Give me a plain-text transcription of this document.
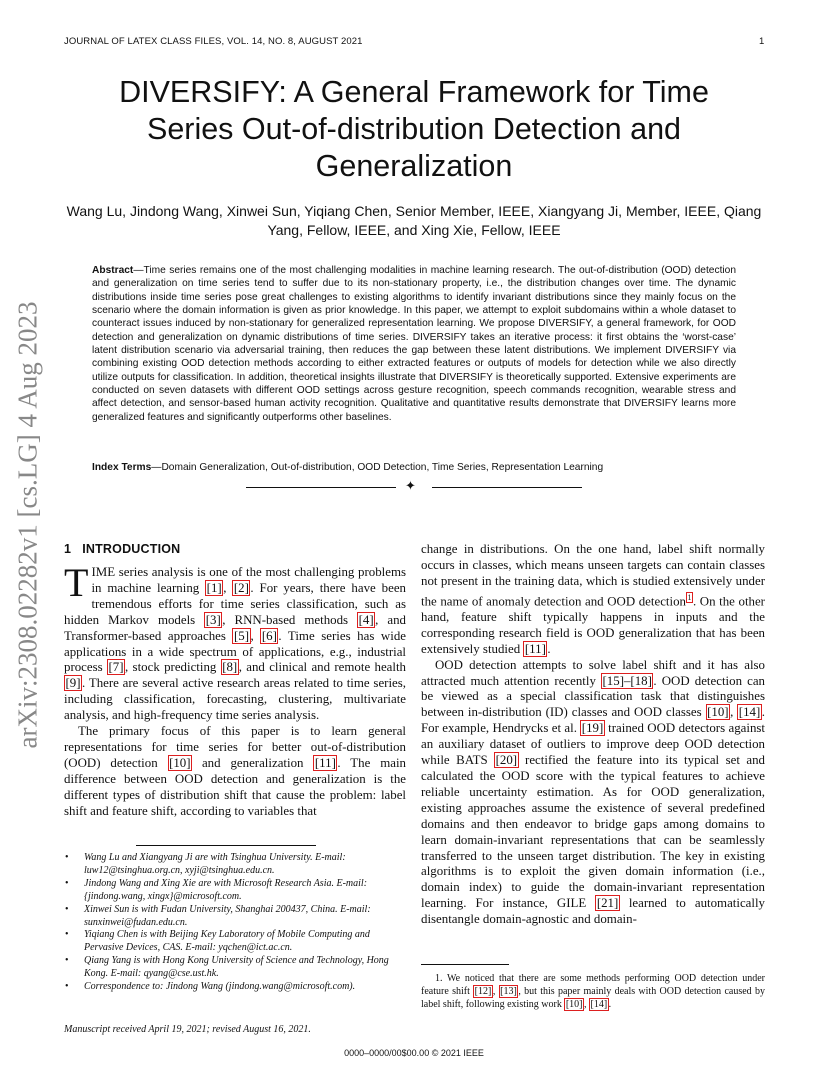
JOURNAL OF LATEX CLASS FILES, VOL. 14, NO. 8, AUGUST 2021	1
arXiv:2308.02282v1 [cs.LG] 4 Aug 2023
DIVERSIFY: A General Framework for Time Series Out-of-distribution Detection and Generalization
Wang Lu, Jindong Wang, Xinwei Sun, Yiqiang Chen, Senior Member, IEEE, Xiangyang Ji, Member, IEEE, Qiang Yang, Fellow, IEEE, and Xing Xie, Fellow, IEEE
Abstract—Time series remains one of the most challenging modalities in machine learning research. The out-of-distribution (OOD) detection and generalization on time series tend to suffer due to its non-stationary property, i.e., the distribution changes over time. The dynamic distributions inside time series pose great challenges to existing algorithms to identify invariant distributions since they mainly focus on the scenario where the domain information is given as prior knowledge. In this paper, we attempt to exploit subdomains within a whole dataset to counteract issues induced by non-stationary for generalized representation learning. We propose DIVERSIFY, a general framework, for OOD detection and generalization on dynamic distributions of time series. DIVERSIFY takes an iterative process: it first obtains the ‘worst-case’ latent distribution scenario via adversarial training, then reduces the gap between these latent distributions. We implement DIVERSIFY via combining existing OOD detection methods according to either extracted features or outputs of models for detection while we also directly utilize outputs for classification. In addition, theoretical insights illustrate that DIVERSIFY is theoretically supported. Extensive experiments are conducted on seven datasets with different OOD settings across gesture recognition, speech commands recognition, wearable stress and affect detection, and sensor-based human activity recognition. Qualitative and quantitative results demonstrate that DIVERSIFY learns more generalized features and significantly outperforms other baselines.
Index Terms—Domain Generalization, Out-of-distribution, OOD Detection, Time Series, Representation Learning
✦
1 INTRODUCTION

TIME series analysis is one of the most challenging problems in machine learning [1] , [2] . For years, there have been tremendous efforts for time series classification, such as hidden Markov models [3] , RNN-based methods [4] , and Transformer-based approaches [5] , [6] . Time series has wide applications in a wide spectrum of applications, e.g., industrial process [7] , stock predicting [8] , and clinical and remote health [9] . There are several active research areas related to time series, including classification, forecasting, clustering, multivariate analysis, and high-frequency time series analysis.

The primary focus of this paper is to learn general representations for time series for better out-of-distribution (OOD) detection [10] and generalization [11] . The main difference between OOD detection and generalization is the different types of distribution shift that cause the problem: label shift and feature shift, according to variables that

• Wang Lu and Xiangyang Ji are with Tsinghua University. E-mail: luw12@tsinghua.org.cn, xyji@tsinghua.edu.cn.
• Jindong Wang and Xing Xie are with Microsoft Research Asia. E-mail: {jindong.wang, xingx}@microsoft.com.
• Xinwei Sun is with Fudan University, Shanghai 200437, China. E-mail: sunxinwei@fudan.edu.cn.
• Yiqiang Chen is with Beijing Key Laboratory of Mobile Computing and Pervasive Devices, CAS. E-mail: yqchen@ict.ac.cn.
• Qiang Yang is with Hong Kong University of Science and Technology, Hong Kong. E-mail: qyang@cse.ust.hk.
• Correspondence to: Jindong Wang (jindong.wang@microsoft.com).
Manuscript received April 19, 2021; revised August 16, 2021.

change in distributions. On the one hand, label shift normally occurs in classes, which means unseen targets can contain classes not present in the training data, which is studied extensively under the name of anomaly detection and OOD detection $^1$ . On the other hand, feature shift typically happens in inputs and the corresponding research field is OOD generalization that has been extensively studied [11] .

OOD detection attempts to solve label shift and it has also attracted much attention recently [15]–[18] . OOD detection can be viewed as a special classification task that distinguishes between in-distribution (ID) classes and OOD classes [10] , [14] . For example, Hendrycks et al. [19] trained OOD detectors against an auxiliary dataset of outliers to improve deep OOD detection while BATS [20] rectified the feature into its typical set and calculated the OOD score with the typical features to achieve reliable uncertainty estimation. As for OOD generalization, existing approaches assume the existence of several predefined domains and then endeavor to bridge gaps among domains to learn domain-invariant representations that can be seamlessly transferred to the unseen target distribution. The key in existing algorithms is to exploit the given domain information (i.e., domain index) to guide the domain-invariant representation learning. For instance, GILE [21] learned to automatically disentangle domain-agnostic and domain-

1. We noticed that there are some methods performing OOD detection under feature shift [12] , [13] , but this paper mainly deals with OOD detection caused by label shift, following existing work [10] , [14] .
0000–0000/00$00.00 © 2021 IEEE
